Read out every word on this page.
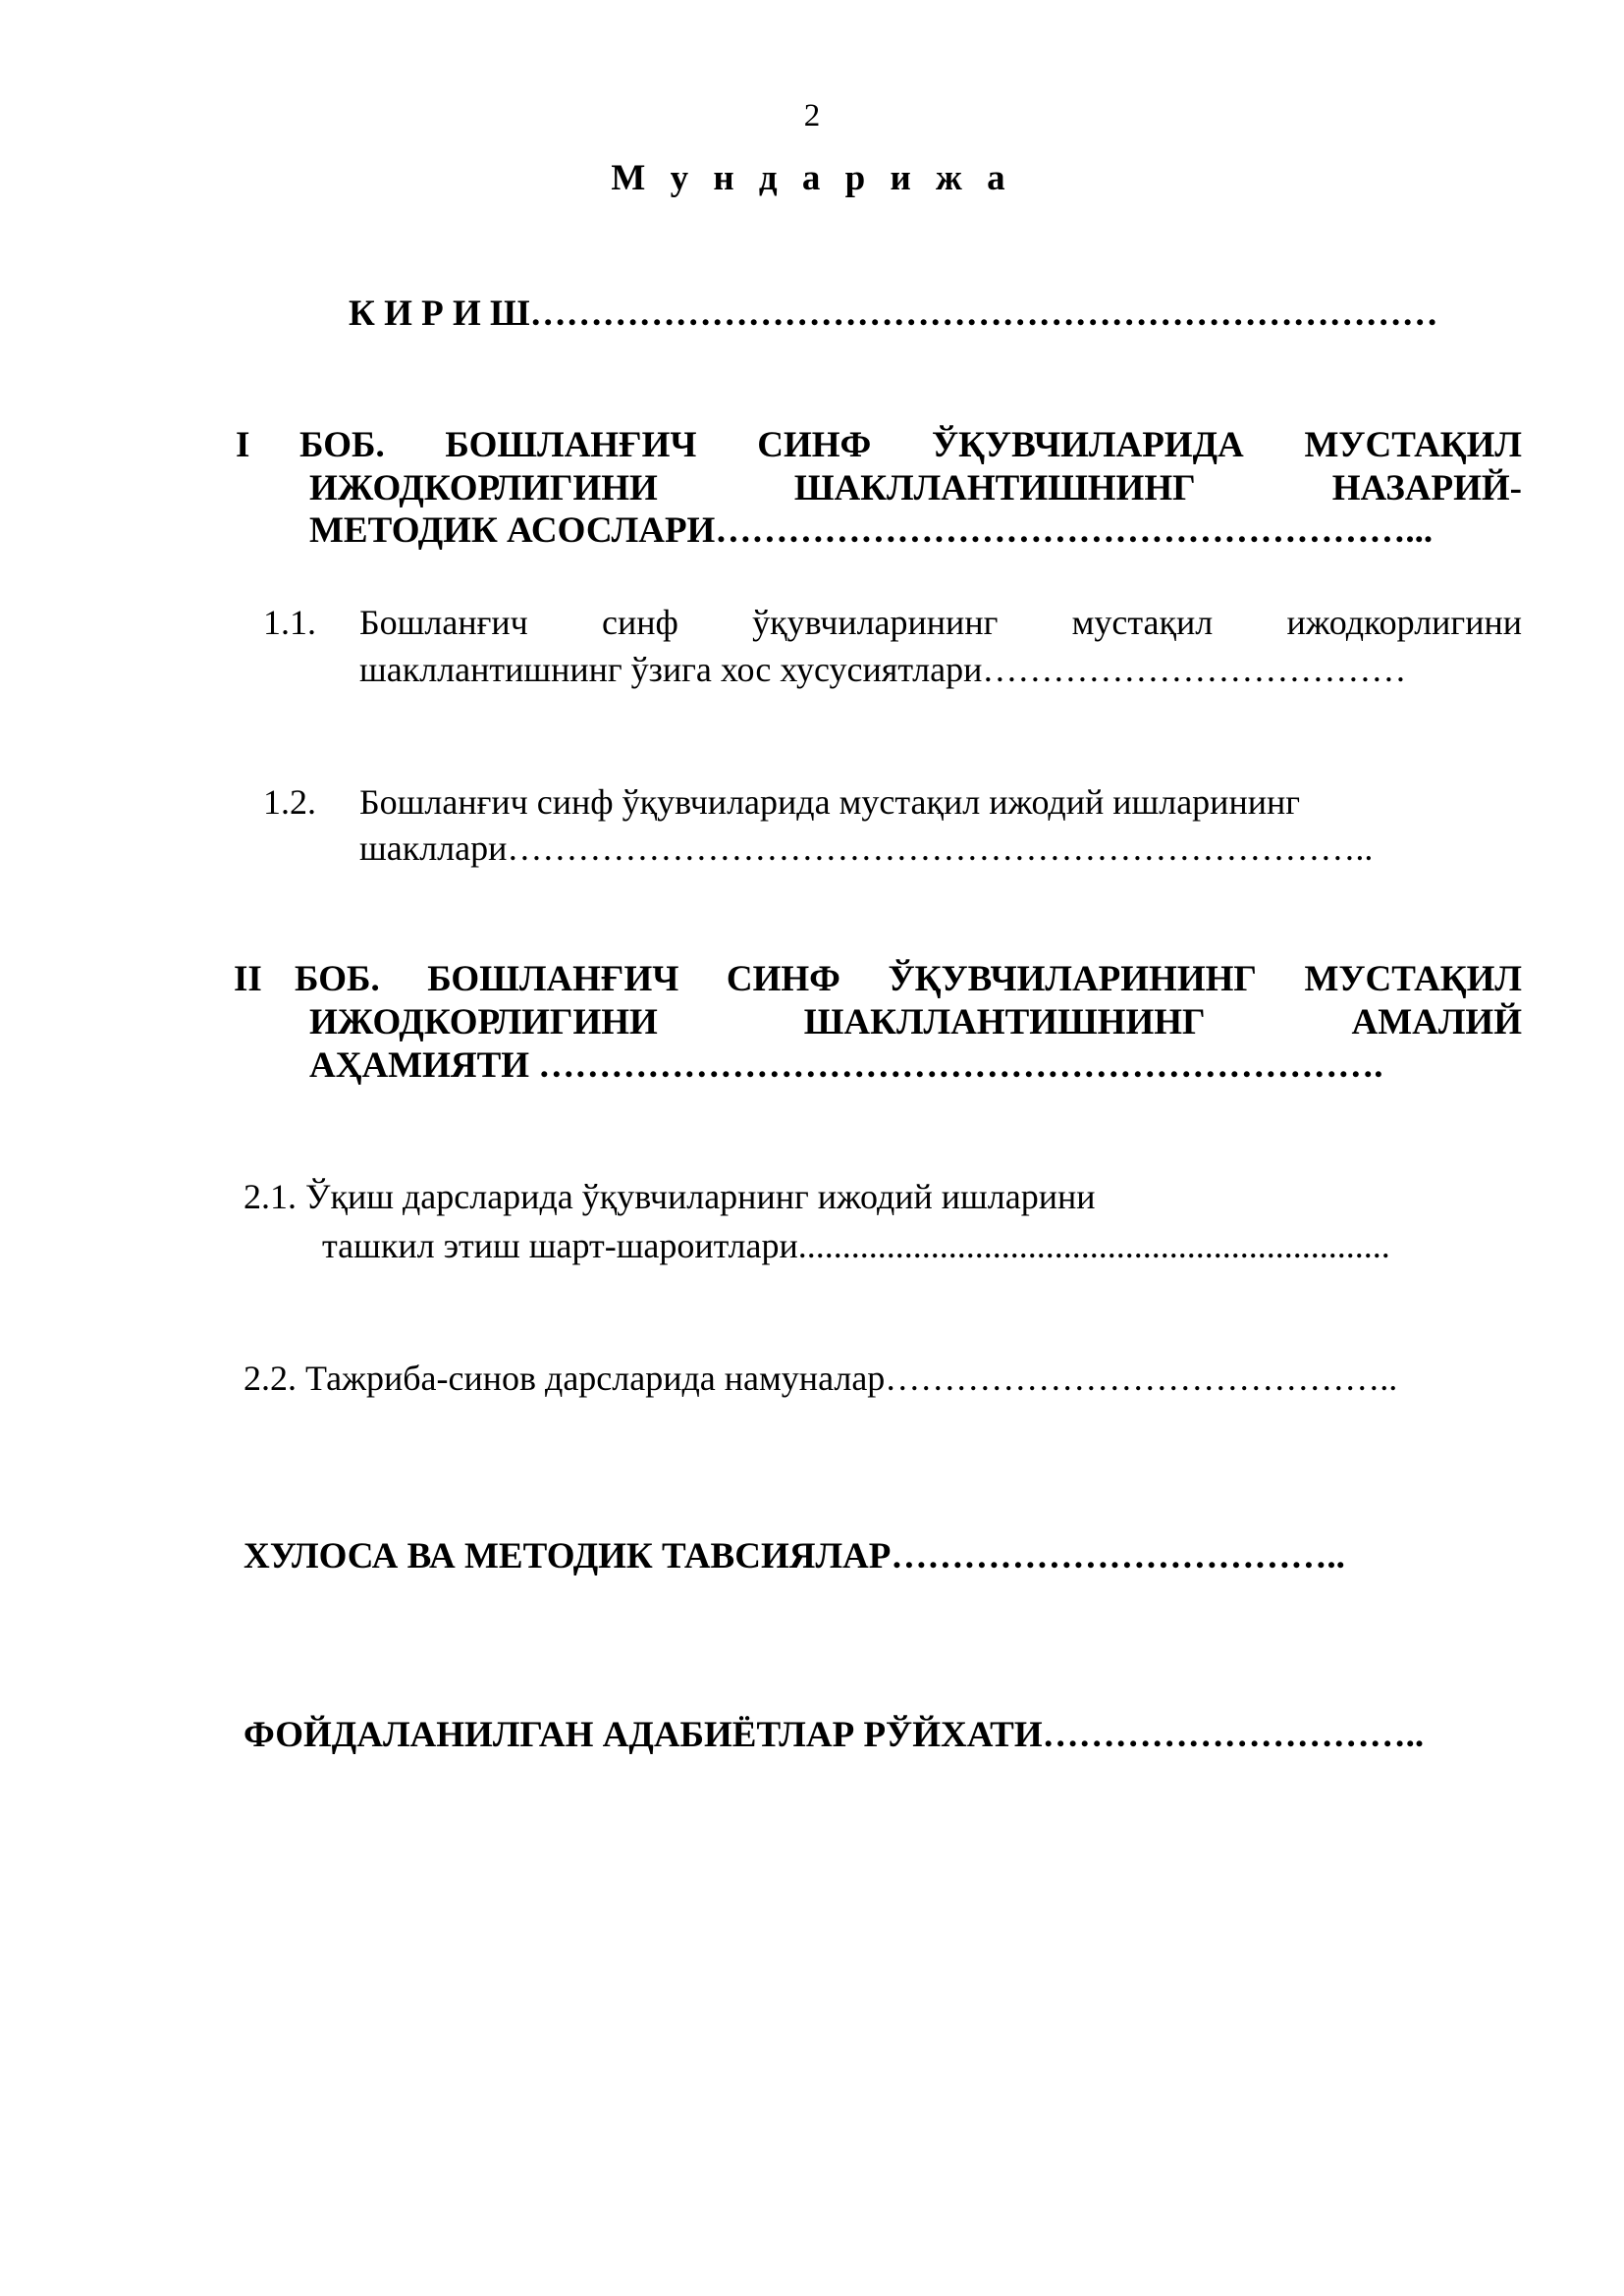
2
М у н д а р и ж а
К И Р И Ш…………………………………………………………………
I БОБ. БОШЛАНҒИЧ СИНФ ЎҚУВЧИЛАРИДА МУСТАҚИЛ
ИЖОДКОРЛИГИНИ ШАКЛЛАНТИШНИНГ НАЗАРИЙ-
МЕТОДИК АСОСЛАРИ…………………………………………………...
1.1. Бошланғич синф ўқувчиларининг мустақил ижодкорлигини
шакллантишнинг ўзига хос хусусиятлари………………………………
1.2. Бошланғич синф ўқувчиларида мустақил ижодий ишларининг
шакллари………………………………………………………………..
II БОБ. БОШЛАНҒИЧ СИНФ ЎҚУВЧИЛАРИНИНГ МУСТАҚИЛ
ИЖОДКОРЛИГИНИ ШАКЛЛАНТИШНИНГ АМАЛИЙ
АҲАМИЯТИ …………………………………………………………….
2.1. Ўқиш дарсларида ўқувчиларнинг ижодий ишларини
ташкил этиш шарт-шароитлари...................................................................
2.2. Тажриба-синов дарсларида намуналар……………………………………..
ХУЛОСА ВА МЕТОДИК ТАВСИЯЛАР………………………………..
ФОЙДАЛАНИЛГАН АДАБИЁТЛАР РЎЙХАТИ…………………………..
